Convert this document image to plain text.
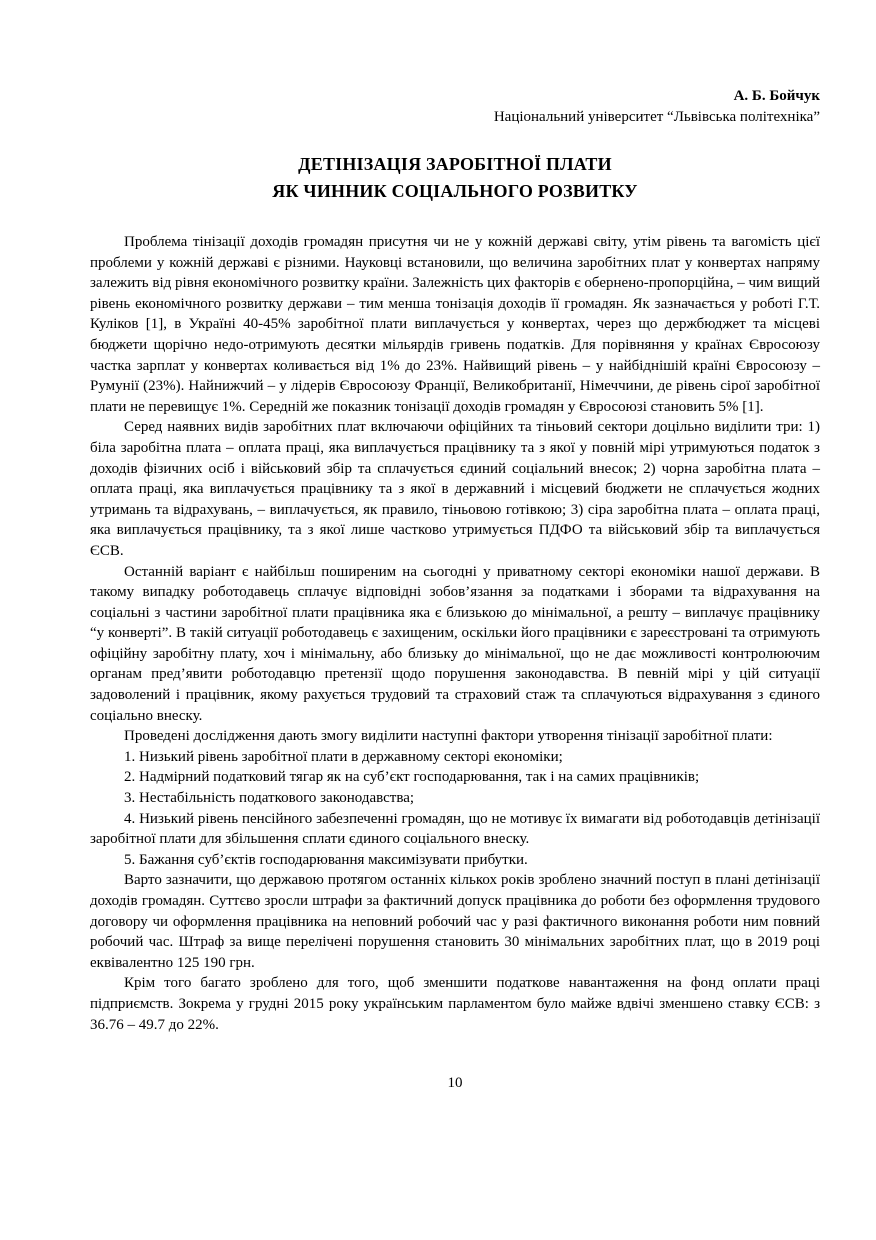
А. Б. Бойчук
Національний університет “Львівська політехніка”
ДЕТІНІЗАЦІЯ ЗАРОБІТНОЇ ПЛАТИ
ЯК ЧИННИК СОЦІАЛЬНОГО РОЗВИТКУ

Проблема тінізації доходів громадян присутня чи не у кожній державі світу, утім рівень та вагомість цієї проблеми у кожній державі є різними. Науковці встановили, що величина заробітних плат у конвертах напряму залежить від рівня економічного розвитку країни. Залежність цих факторів є обернено-пропорційна, – чим вищий рівень економічного розвитку держави – тим менша тонізація доходів її громадян. Як зазначається у роботі Г.Т. Куліков [1], в Україні 40-45% заробітної плати виплачується у конвертах, через що держбюджет та місцеві бюджети щорічно недо-отримують десятки мільярдів гривень податків. Для порівняння у країнах Євросоюзу частка зарплат у конвертах коливається від 1% до 23%. Найвищий рівень – у найбіднішій країні Євросоюзу – Румунії (23%). Найнижчий – у лідерів Євросоюзу Франції, Великобританії, Німеччини, де рівень сірої заробітної плати не перевищує 1%. Середній же показник тонізації доходів громадян у Євросоюзі становить 5% [1].

Серед наявних видів заробітних плат включаючи офіційних та тіньовий сектори доцільно виділити три: 1) біла заробітна плата – оплата праці, яка виплачується працівнику та з якої у повній мірі утримуються податок з доходів фізичних осіб і військовий збір та сплачується єдиний соціальний внесок; 2) чорна заробітна плата – оплата праці, яка виплачується працівнику та з якої в державний і місцевий бюджети не сплачується жодних утримань та відрахувань, – виплачується, як правило, тіньовою готівкою; 3) сіра заробітна плата – оплата праці, яка виплачується працівнику, та з якої лише частково утримується ПДФО та військовий збір та виплачується ЄСВ.

Останній варіант є найбільш поширеним на сьогодні у приватному секторі економіки нашої держави. В такому випадку роботодавець сплачує відповідні зобов’язання за податками і зборами та відрахування на соціальні з частини заробітної плати працівника яка є близькою до мінімальної, а решту – виплачує працівнику “у конверті”. В такій ситуації роботодавець є захищеним, оскільки його працівники є зареєстровані та отримують офіційну заробітну плату, хоч і мінімальну, або близьку до мінімальної, що не дає можливості контролюючим органам пред’явити роботодавцю претензії щодо порушення законодавства. В певній мірі у цій ситуації задоволений і працівник, якому рахується трудовий та страховий стаж та сплачуються відрахування з єдиного соціально внеску.

Проведені дослідження дають змогу виділити наступні фактори утворення тінізації заробітної плати:

1. Низький рівень заробітної плати в державному секторі економіки;

2. Надмірний податковий тягар як на суб’єкт господарювання, так і на самих працівників;

3. Нестабільність податкового законодавства;

4. Низький рівень пенсійного забезпеченні громадян, що не мотивує їх вимагати від роботодавців детінізації заробітної плати для збільшення сплати єдиного соціального внеску.

5. Бажання суб’єктів господарювання максимізувати прибутки.

Варто зазначити, що державою протягом останніх кількох років зроблено значний поступ в плані детінізації доходів громадян. Суттєво зросли штрафи за фактичний допуск працівника до роботи без оформлення трудового договору чи оформлення працівника на неповний робочий час у разі фактичного виконання роботи ним повний робочий час. Штраф за вище перелічені порушення становить 30 мінімальних заробітних плат, що в 2019 році еквівалентно 125 190 грн.

Крім того багато зроблено для того, щоб зменшити податкове навантаження на фонд оплати праці підприємств. Зокрема у грудні 2015 року українським парламентом було майже вдвічі зменшено ставку ЄСВ: з 36.76 – 49.7 до 22%.

10
